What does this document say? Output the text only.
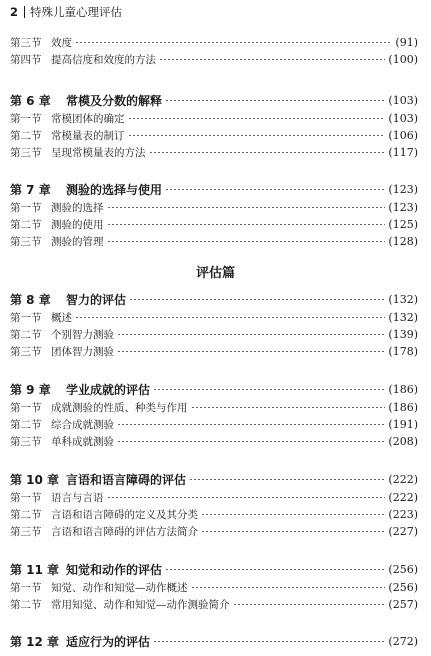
2 特殊儿童心理评估
评估篇
第三节 效度	(91)
第四节 提高信度和效度的方法	(100)
第 6 章	常模及分数的解释	(103)
第一节 常模团体的确定	(103)
第二节 常模量表的制订	(106)
第三节 呈现常模量表的方法	(117)
第 7 章	测验的选择与使用	(123)
第一节 测验的选择	(123)
第二节 测验的使用	(125)
第三节 测验的管理	(128)
第 8 章	智力的评估	(132)
第一节 概述	(132)
第二节 个别智力测验	(139)
第三节 团体智力测验	(178)
第 9 章	学业成就的评估	(186)
第一节 成就测验的性质、种类与作用	(186)
第二节 综合成就测验	(191)
第三节 单科成就测验	(208)
第 10 章 言语和语言障碍的评估	(222)
第一节 语言与言语	(222)
第二节 言语和语言障碍的定义及其分类	(223)
第三节 言语和语言障碍的评估方法简介	(227)
第 11 章 知觉和动作的评估	(256)
第一节 知觉、动作和知觉—动作概述	(256)
第二节 常用知觉、动作和知觉—动作测验简介	(257)
第 12 章 适应行为的评估	(272)
